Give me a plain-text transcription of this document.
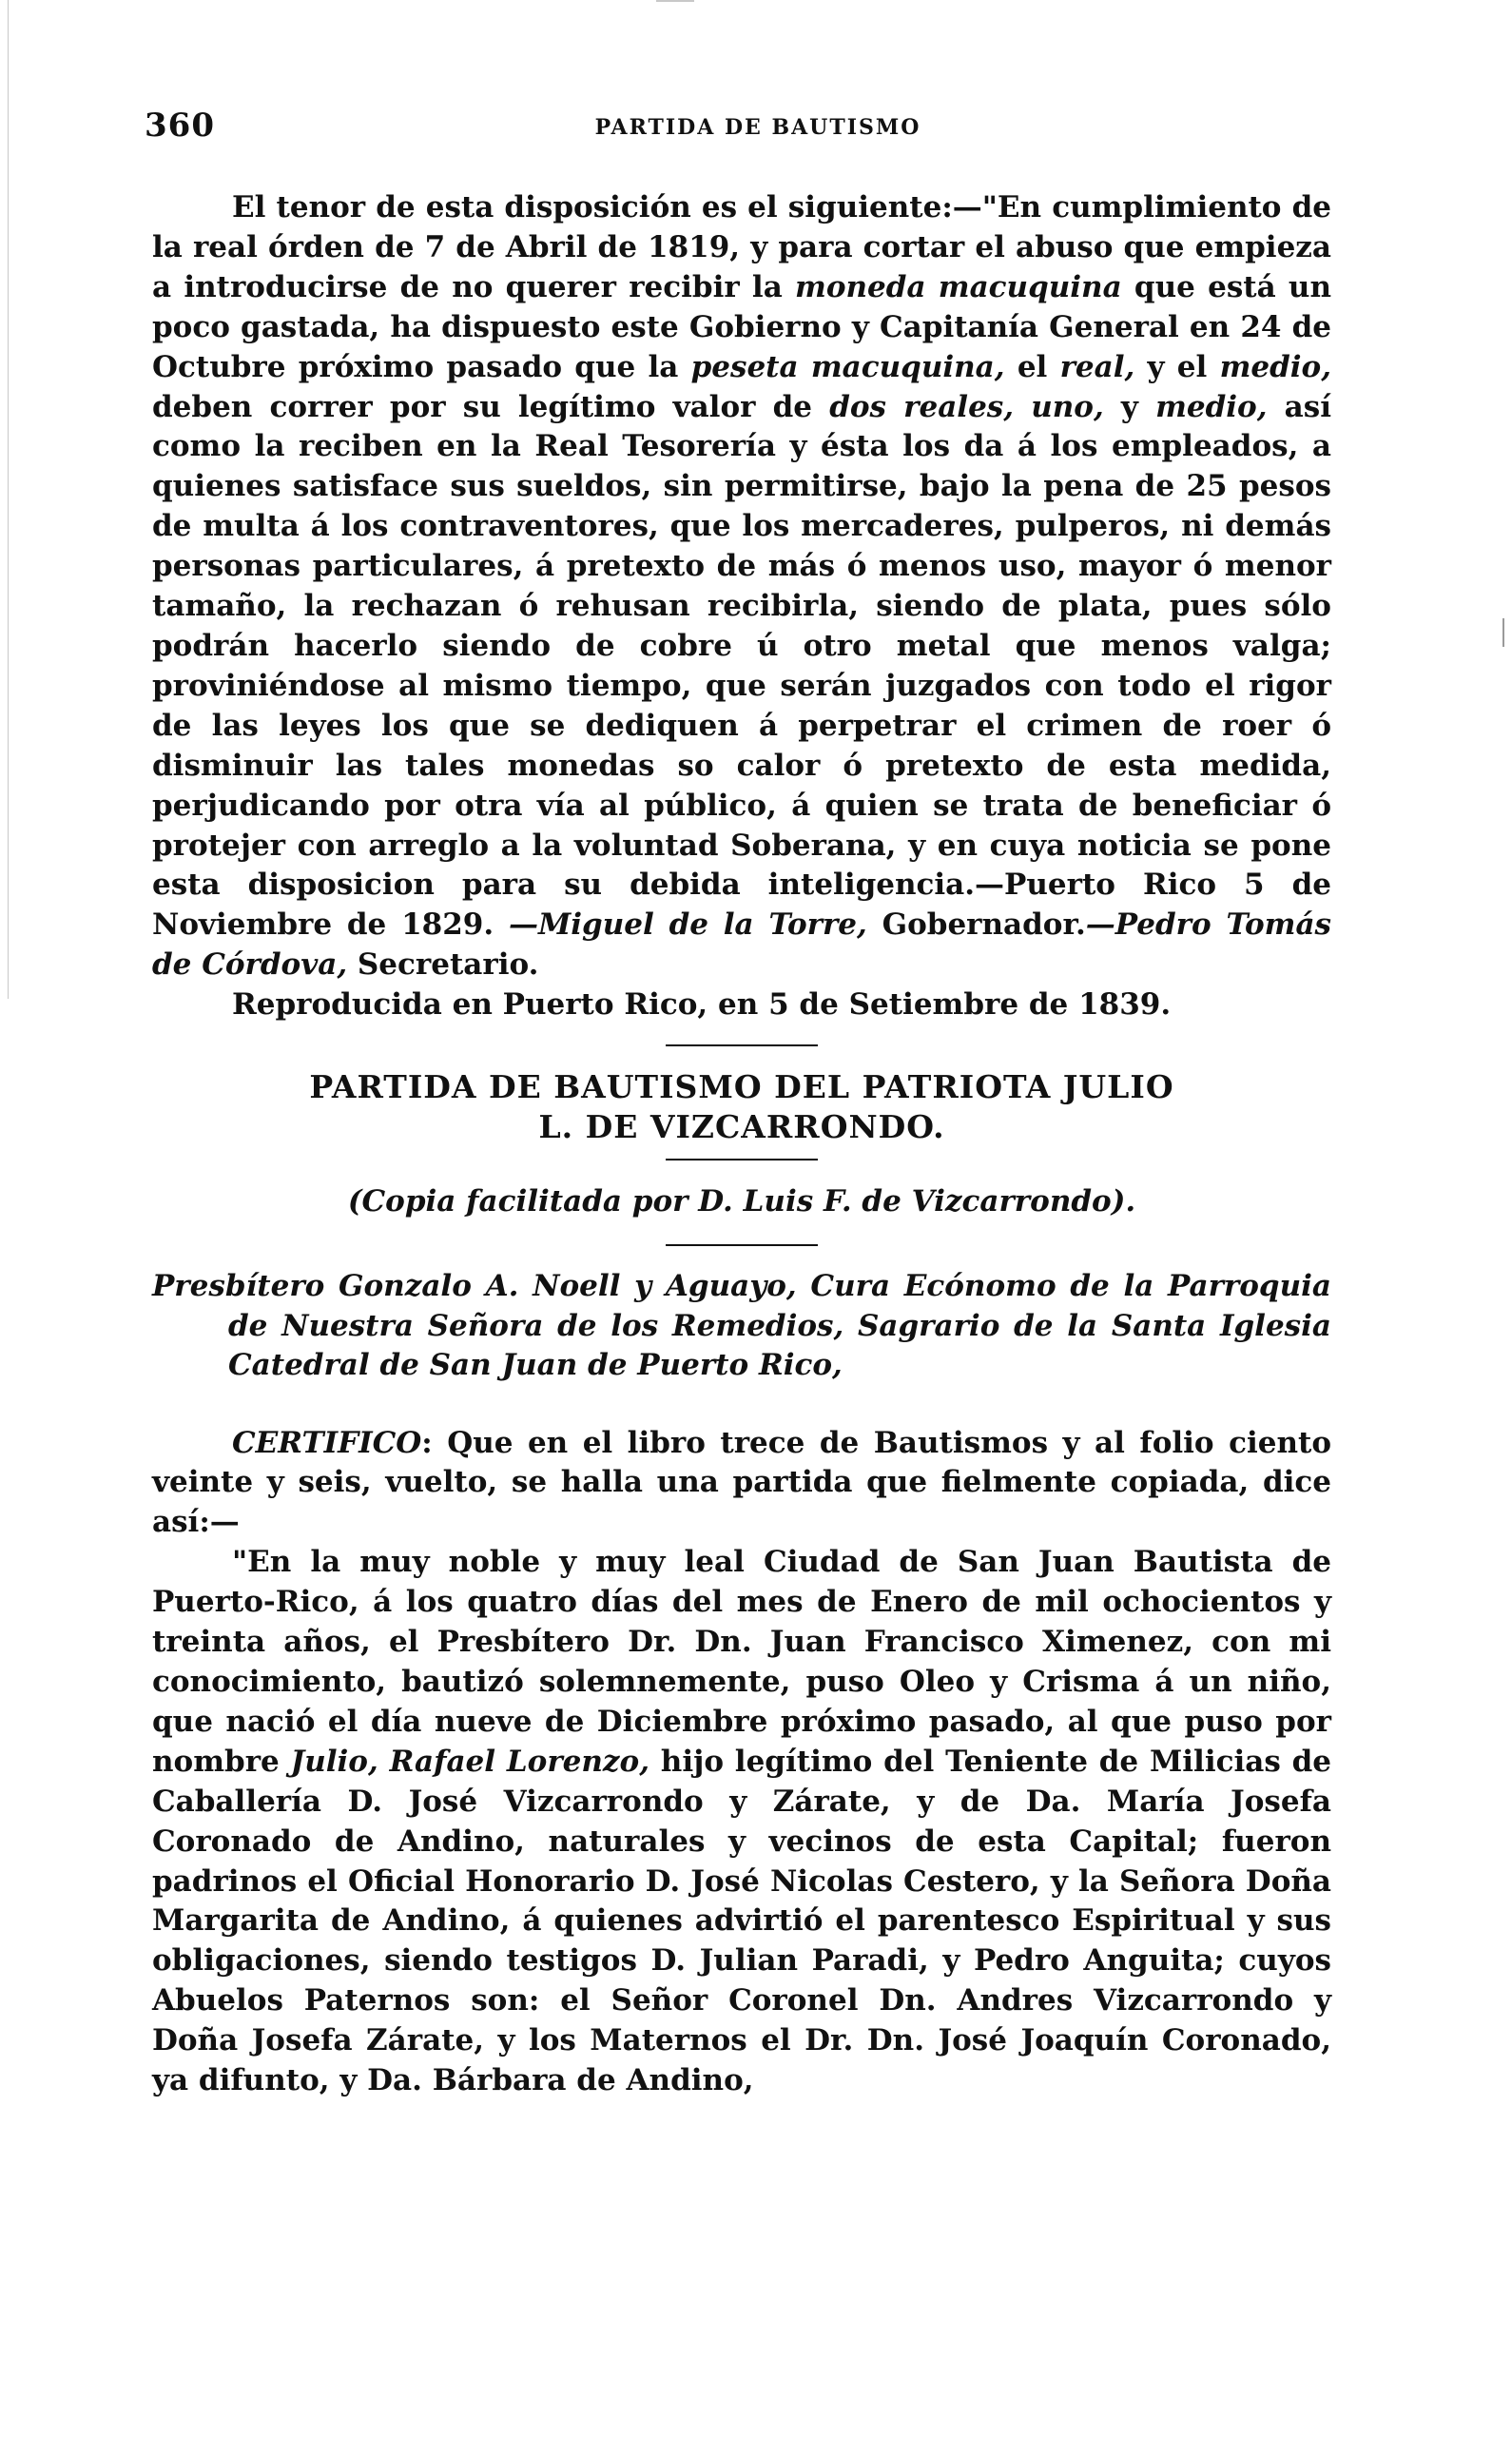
360	PARTIDA DE BAUTISMO

El tenor de esta disposición es el siguiente:—"En cumplimiento de la real órden de 7 de Abril de 1819, y para cortar el abuso que empieza a introducirse de no querer recibir la moneda macuquina que está un poco gastada, ha dispuesto este Gobierno y Capitanía General en 24 de Octubre próximo pasado que la peseta macuquina, el real, y el medio, deben correr por su legítimo valor de dos reales, uno, y medio, así como la reciben en la Real Tesorería y ésta los da á los empleados, a quienes satisface sus sueldos, sin permitirse, bajo la pena de 25 pesos de multa á los contraventores, que los mercaderes, pulperos, ni demás personas particulares, á pretexto de más ó menos uso, mayor ó menor tamaño, la rechazan ó rehusan recibirla, siendo de plata, pues sólo podrán hacerlo siendo de cobre ú otro metal que menos valga; proviniéndose al mismo tiempo, que serán juzgados con todo el rigor de las leyes los que se dediquen á perpetrar el crimen de roer ó disminuir las tales monedas so calor ó pretexto de esta medida, perjudicando por otra vía al público, á quien se trata de beneficiar ó protejer con arreglo a la voluntad Soberana, y en cuya noticia se pone esta disposicion para su debida inteligencia.—Puerto Rico 5 de Noviembre de 1829. —Miguel de la Torre, Gobernador.—Pedro Tomás de Córdova, Secretario.

Reproducida en Puerto Rico, en 5 de Setiembre de 1839.

PARTIDA DE BAUTISMO DEL PATRIOTA JULIO
L. DE VIZCARRONDO.
(Copia facilitada por D. Luis F. de Vizcarrondo).
Presbítero Gonzalo A. Noell y Aguayo, Cura Ecónomo de la Parroquia de Nuestra Señora de los Remedios, Sagrario de la Santa Iglesia Catedral de San Juan de Puerto Rico,

CERTIFICO: Que en el libro trece de Bautismos y al folio ciento veinte y seis, vuelto, se halla una partida que fielmente copiada, dice así:—

"En la muy noble y muy leal Ciudad de San Juan Bautista de Puerto-Rico, á los quatro días del mes de Enero de mil ochocientos y treinta años, el Presbítero Dr. Dn. Juan Francisco Ximenez, con mi conocimiento, bautizó solemnemente, puso Oleo y Crisma á un niño, que nació el día nueve de Diciembre próximo pasado, al que puso por nombre Julio, Rafael Lorenzo, hijo legítimo del Teniente de Milicias de Caballería D. José Vizcarrondo y Zárate, y de Da. María Josefa Coronado de Andino, naturales y vecinos de esta Capital; fueron padrinos el Oficial Honorario D. José Nicolas Cestero, y la Señora Doña Margarita de Andino, á quienes advirtió el parentesco Espiritual y sus obligaciones, siendo testigos D. Julian Paradi, y Pedro Anguita; cuyos Abuelos Paternos son: el Señor Coronel Dn. Andres Vizcarrondo y Doña Josefa Zárate, y los Maternos el Dr. Dn. José Joaquín Coronado, ya difunto, y Da. Bárbara de Andino,
